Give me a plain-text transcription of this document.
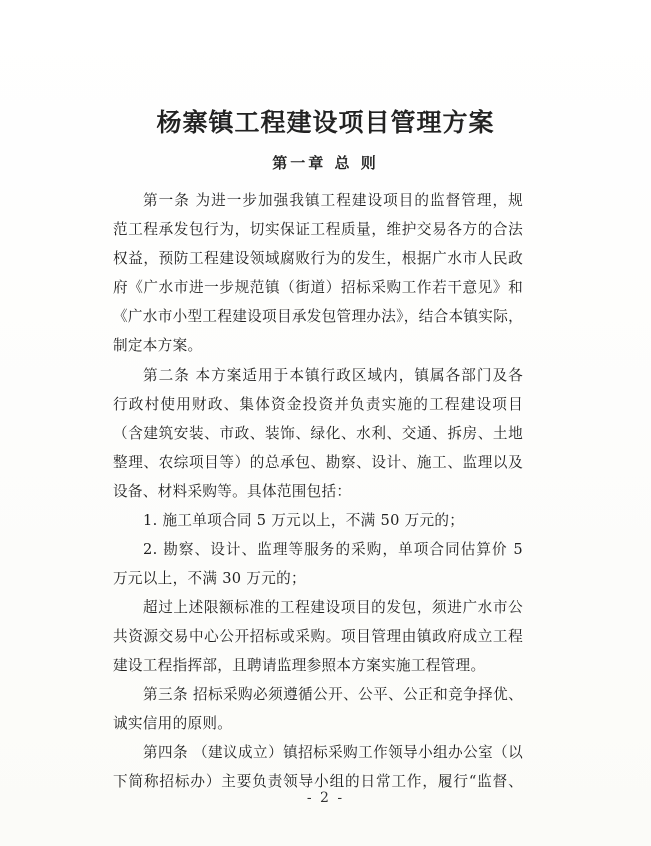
杨寨镇工程建设项目管理方案
第一章 总 则
第一条 为进一步加强我镇工程建设项目的监督管理，规
范工程承发包行为，切实保证工程质量，维护交易各方的合法
权益，预防工程建设领域腐败行为的发生，根据广水市人民政
府《广水市进一步规范镇（街道）招标采购工作若干意见》和
《广水市小型工程建设项目承发包管理办法》，结合本镇实际，
制定本方案。
第二条 本方案适用于本镇行政区域内，镇属各部门及各
行政村使用财政、集体资金投资并负责实施的工程建设项目
（含建筑安装、市政、装饰、绿化、水利、交通、拆房、土地
整理、农综项目等）的总承包、勘察、设计、施工、监理以及
设备、材料采购等。具体范围包括：
1. 施工单项合同 5 万元以上，不满 50 万元的；
2. 勘察、设计、监理等服务的采购，单项合同估算价 5
万元以上，不满 30 万元的；
超过上述限额标准的工程建设项目的发包，须进广水市公
共资源交易中心公开招标或采购。项目管理由镇政府成立工程
建设工程指挥部，且聘请监理参照本方案实施工程管理。
第三条 招标采购必须遵循公开、公平、公正和竞争择优、
诚实信用的原则。
- 2 -
第四条 （建议成立）镇招标采购工作领导小组办公室（以
下简称招标办）主要负责领导小组的日常工作，履行“监督、
